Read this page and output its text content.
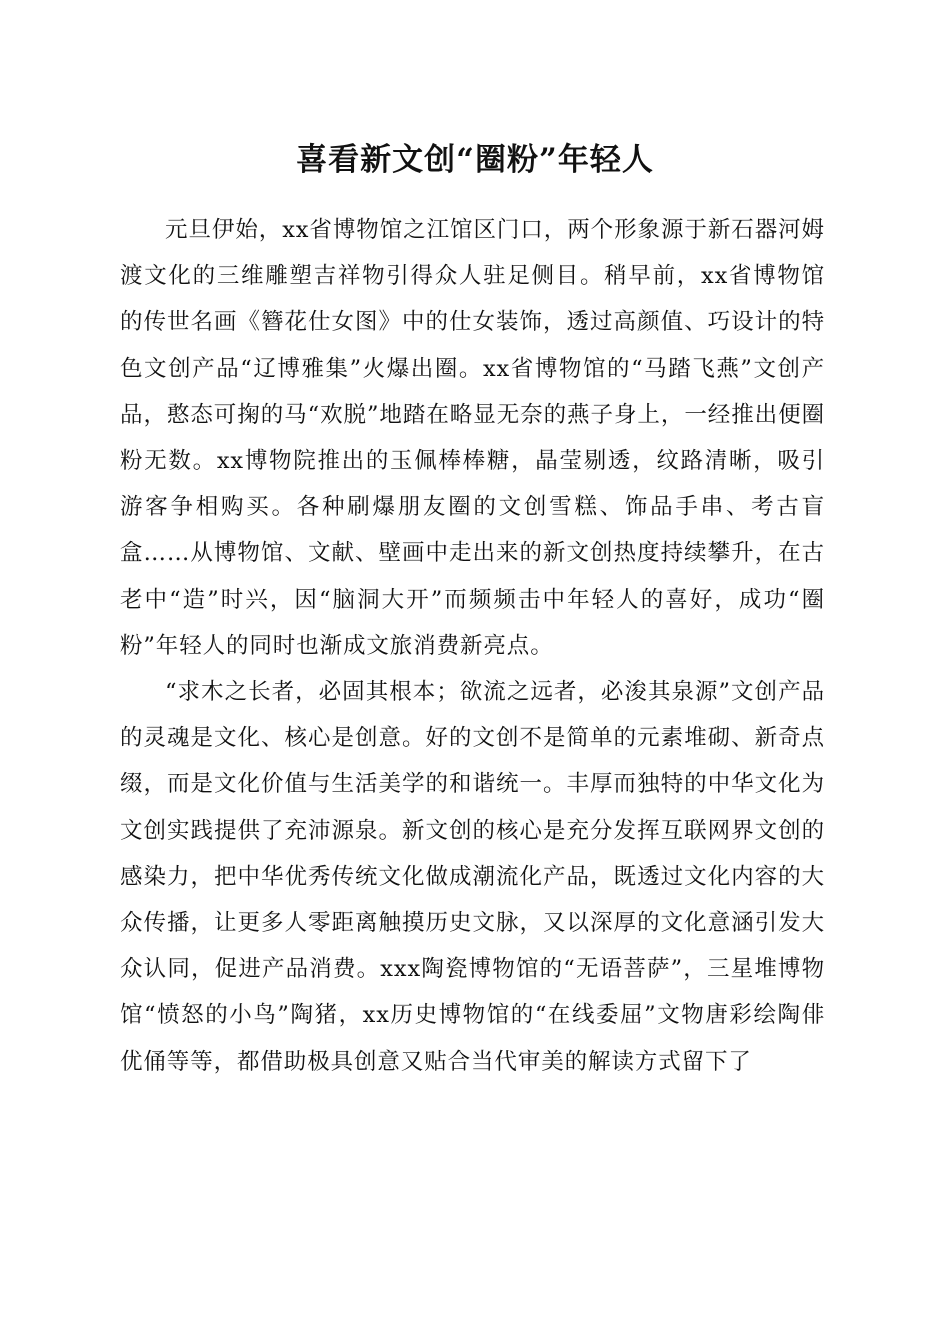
喜看新文创“圈粉”年轻人

元旦伊始，xx省博物馆之江馆区门口，两个形象源于新石器河姆渡文化的三维雕塑吉祥物引得众人驻足侧目。稍早前，xx省博物馆的传世名画《簪花仕女图》中的仕女装饰，透过高颜值、巧设计的特色文创产品“辽博雅集”火爆出圈。xx省博物馆的“马踏飞燕”文创产品，憨态可掬的马“欢脱”地踏在略显无奈的燕子身上，一经推出便圈粉无数。xx博物院推出的玉佩棒棒糖，晶莹剔透，纹路清晰，吸引游客争相购买。各种刷爆朋友圈的文创雪糕、饰品手串、考古盲盒……从博物馆、文献、壁画中走出来的新文创热度持续攀升，在古老中“造”时兴，因“脑洞大开”而频频击中年轻人的喜好，成功“圈粉”年轻人的同时也渐成文旅消费新亮点。

“求木之长者，必固其根本；欲流之远者，必浚其泉源”文创产品的灵魂是文化、核心是创意。好的文创不是简单的元素堆砌、新奇点缀，而是文化价值与生活美学的和谐统一。丰厚而独特的中华文化为文创实践提供了充沛源泉。新文创的核心是充分发挥互联网界文创的感染力，把中华优秀传统文化做成潮流化产品，既透过文化内容的大众传播，让更多人零距离触摸历史文脉，又以深厚的文化意涵引发大众认同，促进产品消费。xxx陶瓷博物馆的“无语菩萨”，三星堆博物馆“愤怒的小鸟”陶猪，xx历史博物馆的“在线委屈”文物唐彩绘陶俳优俑等等，都借助极具创意又贴合当代审美的解读方式留下了
